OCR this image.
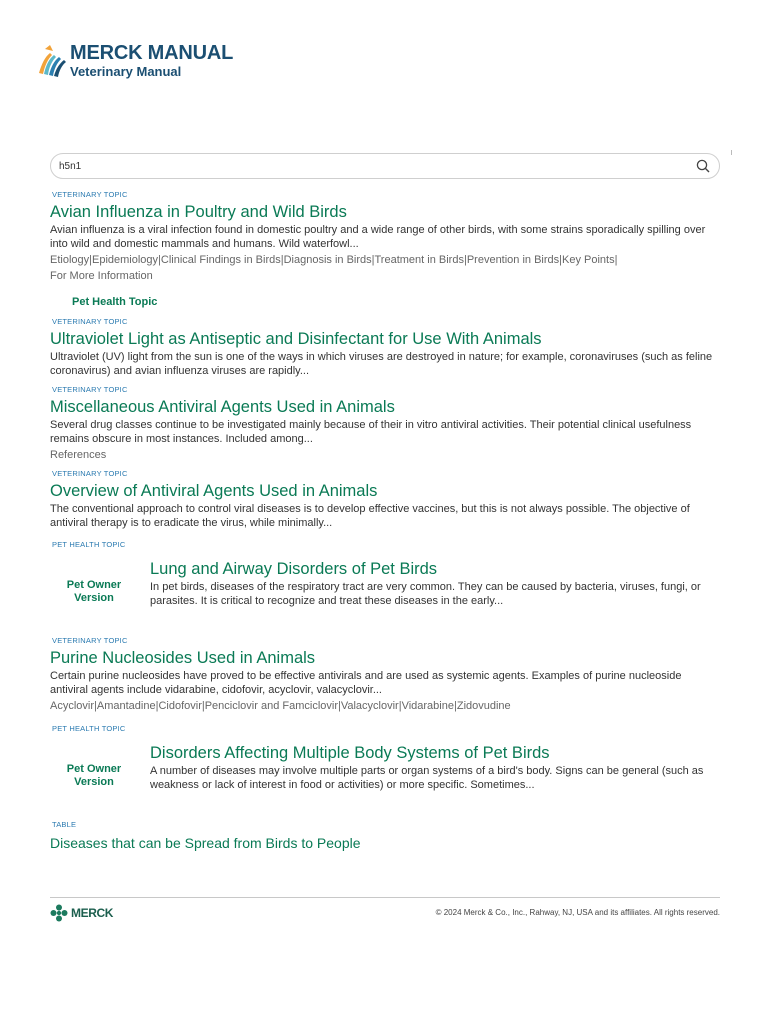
MERCK MANUAL
Veterinary Manual
h5n1
VETERINARY TOPIC
Avian Influenza in Poultry and Wild Birds
Avian influenza is a viral infection found in domestic poultry and a wide range of other birds, with some strains sporadically spilling over into wild and domestic mammals and humans. Wild waterfowl...
Etiology|Epidemiology|Clinical Findings in Birds|Diagnosis in Birds|Treatment in Birds|Prevention in Birds|Key Points|
For More Information
Pet Health Topic
VETERINARY TOPIC
Ultraviolet Light as Antiseptic and Disinfectant for Use With Animals
Ultraviolet (UV) light from the sun is one of the ways in which viruses are destroyed in nature; for example, coronaviruses (such as feline coronavirus) and avian influenza viruses are rapidly...
VETERINARY TOPIC
Miscellaneous Antiviral Agents Used in Animals
Several drug classes continue to be investigated mainly because of their in vitro antiviral activities. Their potential clinical usefulness remains obscure in most instances. Included among...
References
VETERINARY TOPIC
Overview of Antiviral Agents Used in Animals
The conventional approach to control viral diseases is to develop effective vaccines, but this is not always possible. The objective of antiviral therapy is to eradicate the virus, while minimally...
PET HEALTH TOPIC
Pet Owner Version
Lung and Airway Disorders of Pet Birds
In pet birds, diseases of the respiratory tract are very common. They can be caused by bacteria, viruses, fungi, or parasites. It is critical to recognize and treat these diseases in the early...
VETERINARY TOPIC
Purine Nucleosides Used in Animals
Certain purine nucleosides have proved to be effective antivirals and are used as systemic agents. Examples of purine nucleoside antiviral agents include vidarabine, cidofovir, acyclovir, valacyclovir...
Acyclovir|Amantadine|Cidofovir|Penciclovir and Famciclovir|Valacyclovir|Vidarabine|Zidovudine
PET HEALTH TOPIC
Pet Owner Version
Disorders Affecting Multiple Body Systems of Pet Birds
A number of diseases may involve multiple parts or organ systems of a bird's body. Signs can be general (such as weakness or lack of interest in food or activities) or more specific. Sometimes...
TABLE
Diseases that can be Spread from Birds to People
MERCK	© 2024 Merck & Co., Inc., Rahway, NJ, USA and its affiliates. All rights reserved.
